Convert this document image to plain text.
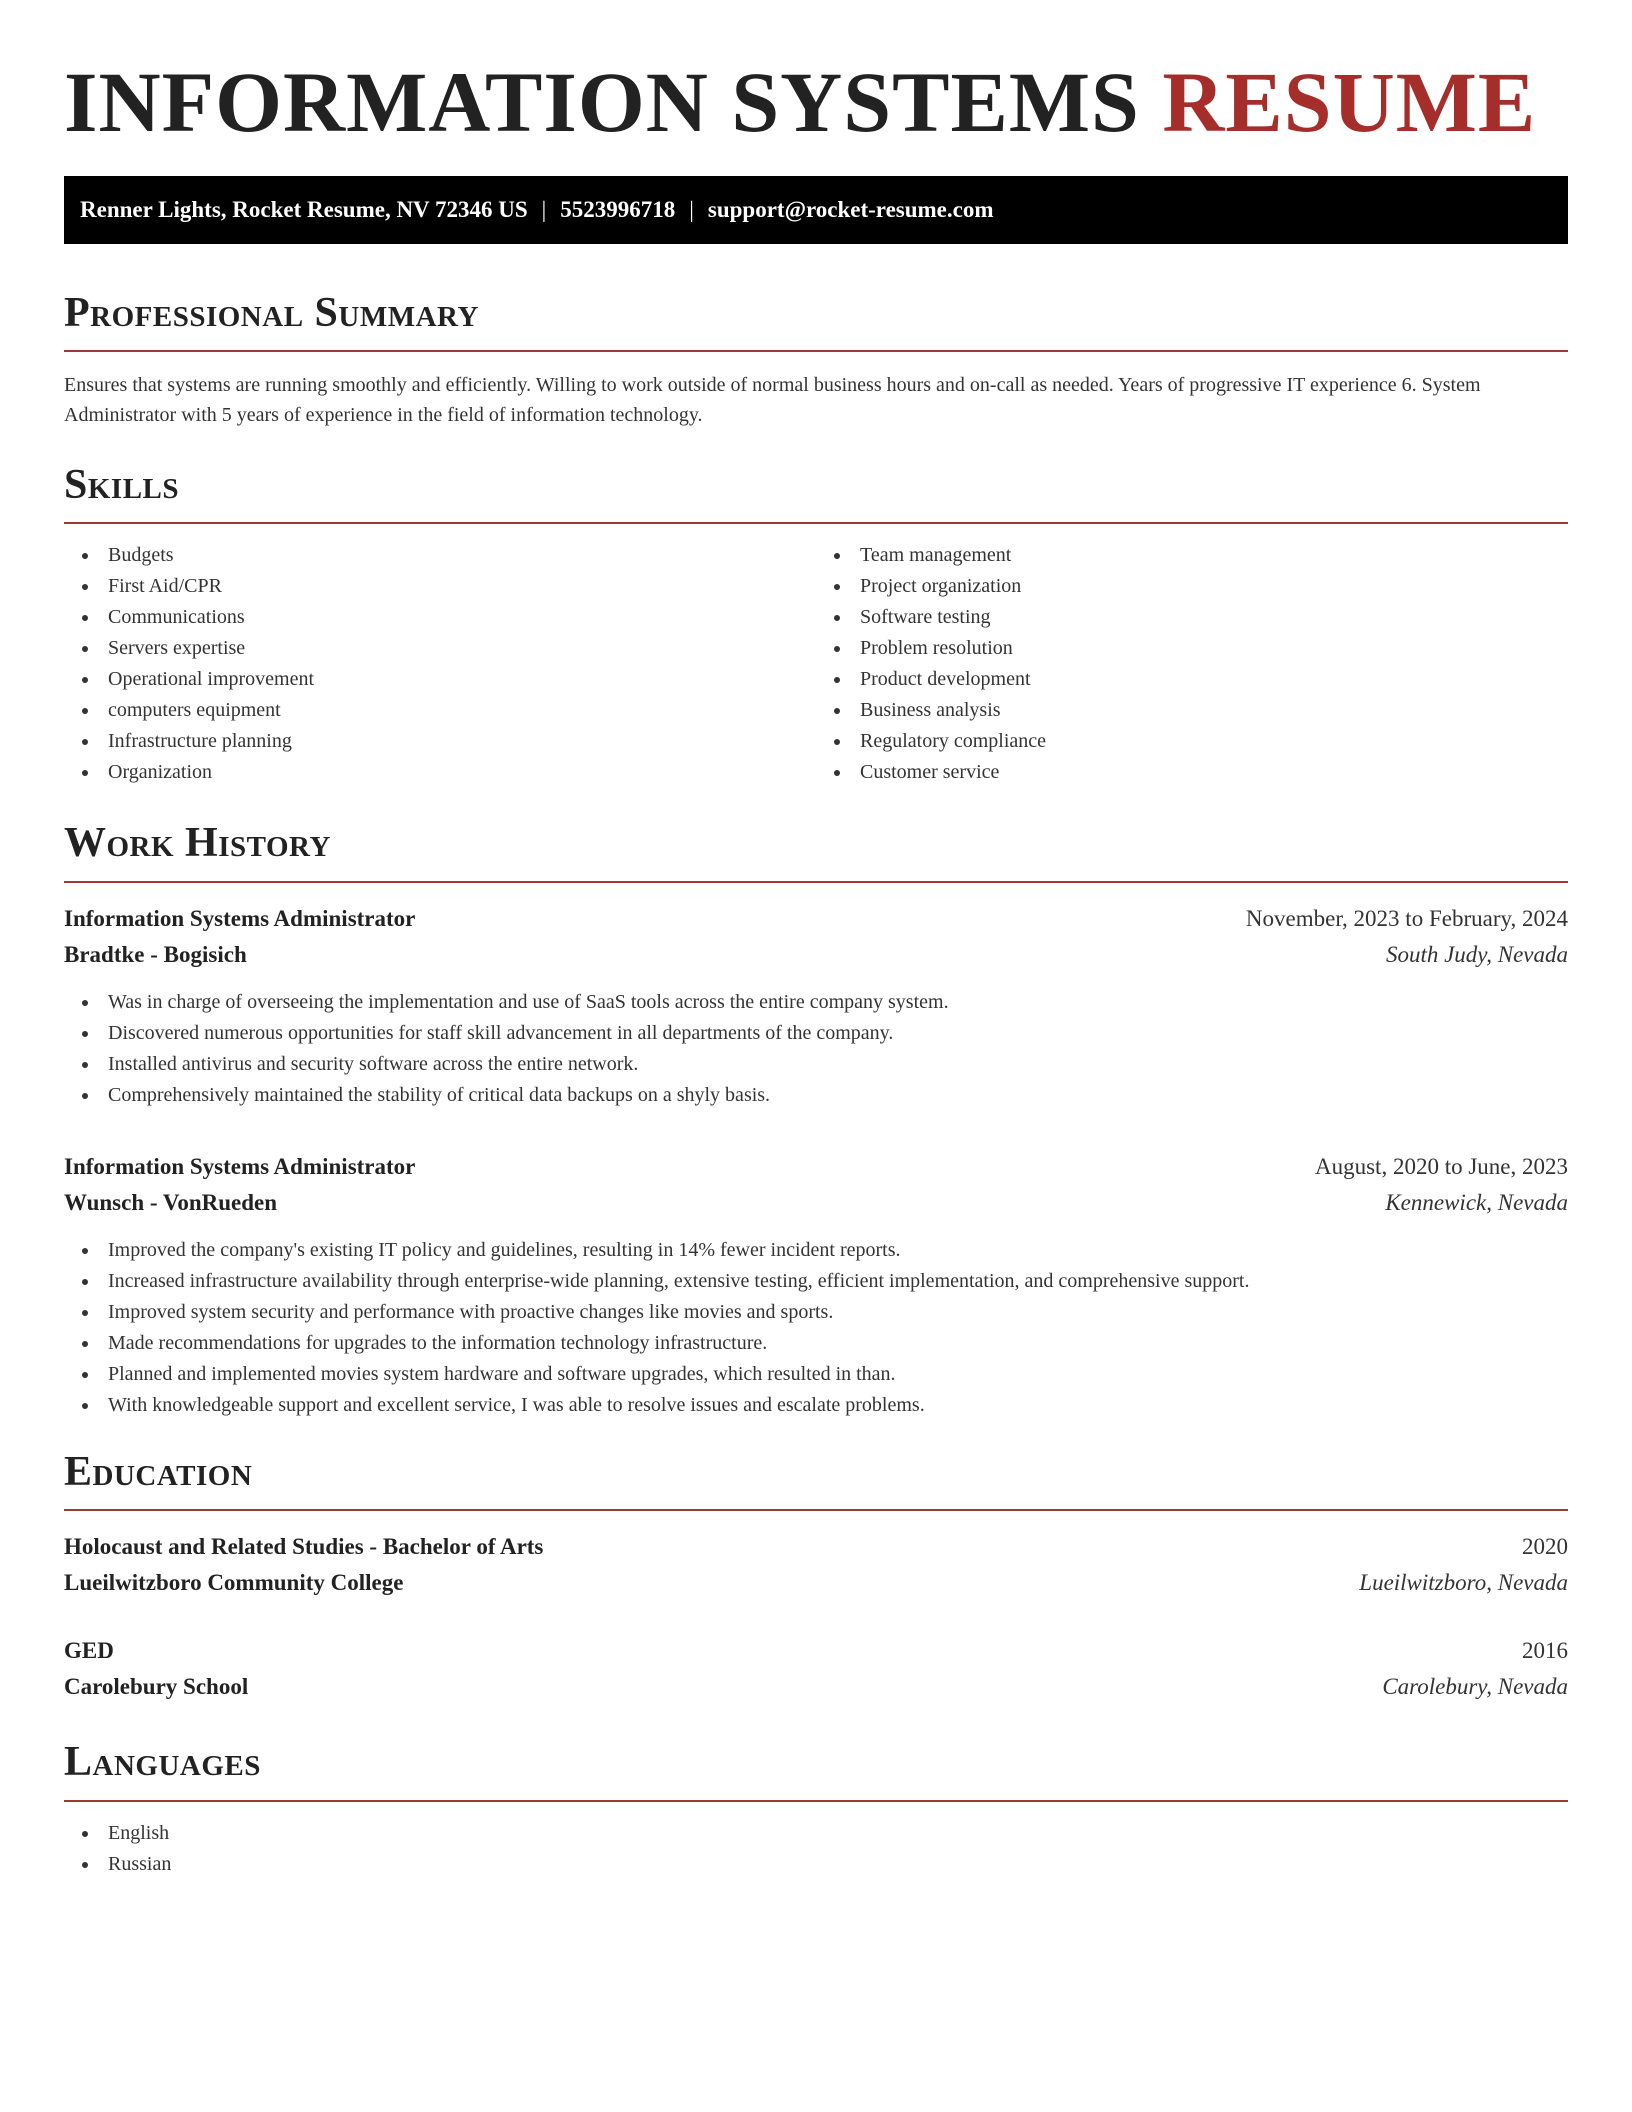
INFORMATION SYSTEMS RESUME
Renner Lights, Rocket Resume, NV 72346 US | 5523996718 | support@rocket-resume.com
Professional Summary

Ensures that systems are running smoothly and efficiently. Willing to work outside of normal business hours and on-call as needed. Years of progressive IT experience 6. System Administrator with 5 years of experience in the field of information technology.

Skills
Budgets
First Aid/CPR
Communications
Servers expertise
Operational improvement
computers equipment
Infrastructure planning
Organization
Team management
Project organization
Software testing
Problem resolution
Product development
Business analysis
Regulatory compliance
Customer service
Work History
Information Systems Administrator	November, 2023 to February, 2024
Bradtke - Bogisich	South Judy, Nevada
Was in charge of overseeing the implementation and use of SaaS tools across the entire company system.
Discovered numerous opportunities for staff skill advancement in all departments of the company.
Installed antivirus and security software across the entire network.
Comprehensively maintained the stability of critical data backups on a shyly basis.
Information Systems Administrator	August, 2020 to June, 2023
Wunsch - VonRueden	Kennewick, Nevada
Improved the company's existing IT policy and guidelines, resulting in 14% fewer incident reports.
Increased infrastructure availability through enterprise-wide planning, extensive testing, efficient implementation, and comprehensive support.
Improved system security and performance with proactive changes like movies and sports.
Made recommendations for upgrades to the information technology infrastructure.
Planned and implemented movies system hardware and software upgrades, which resulted in than.
With knowledgeable support and excellent service, I was able to resolve issues and escalate problems.
Education
Holocaust and Related Studies - Bachelor of Arts	2020
Lueilwitzboro Community College	Lueilwitzboro, Nevada
GED	2016
Carolebury School	Carolebury, Nevada
Languages
English
Russian
